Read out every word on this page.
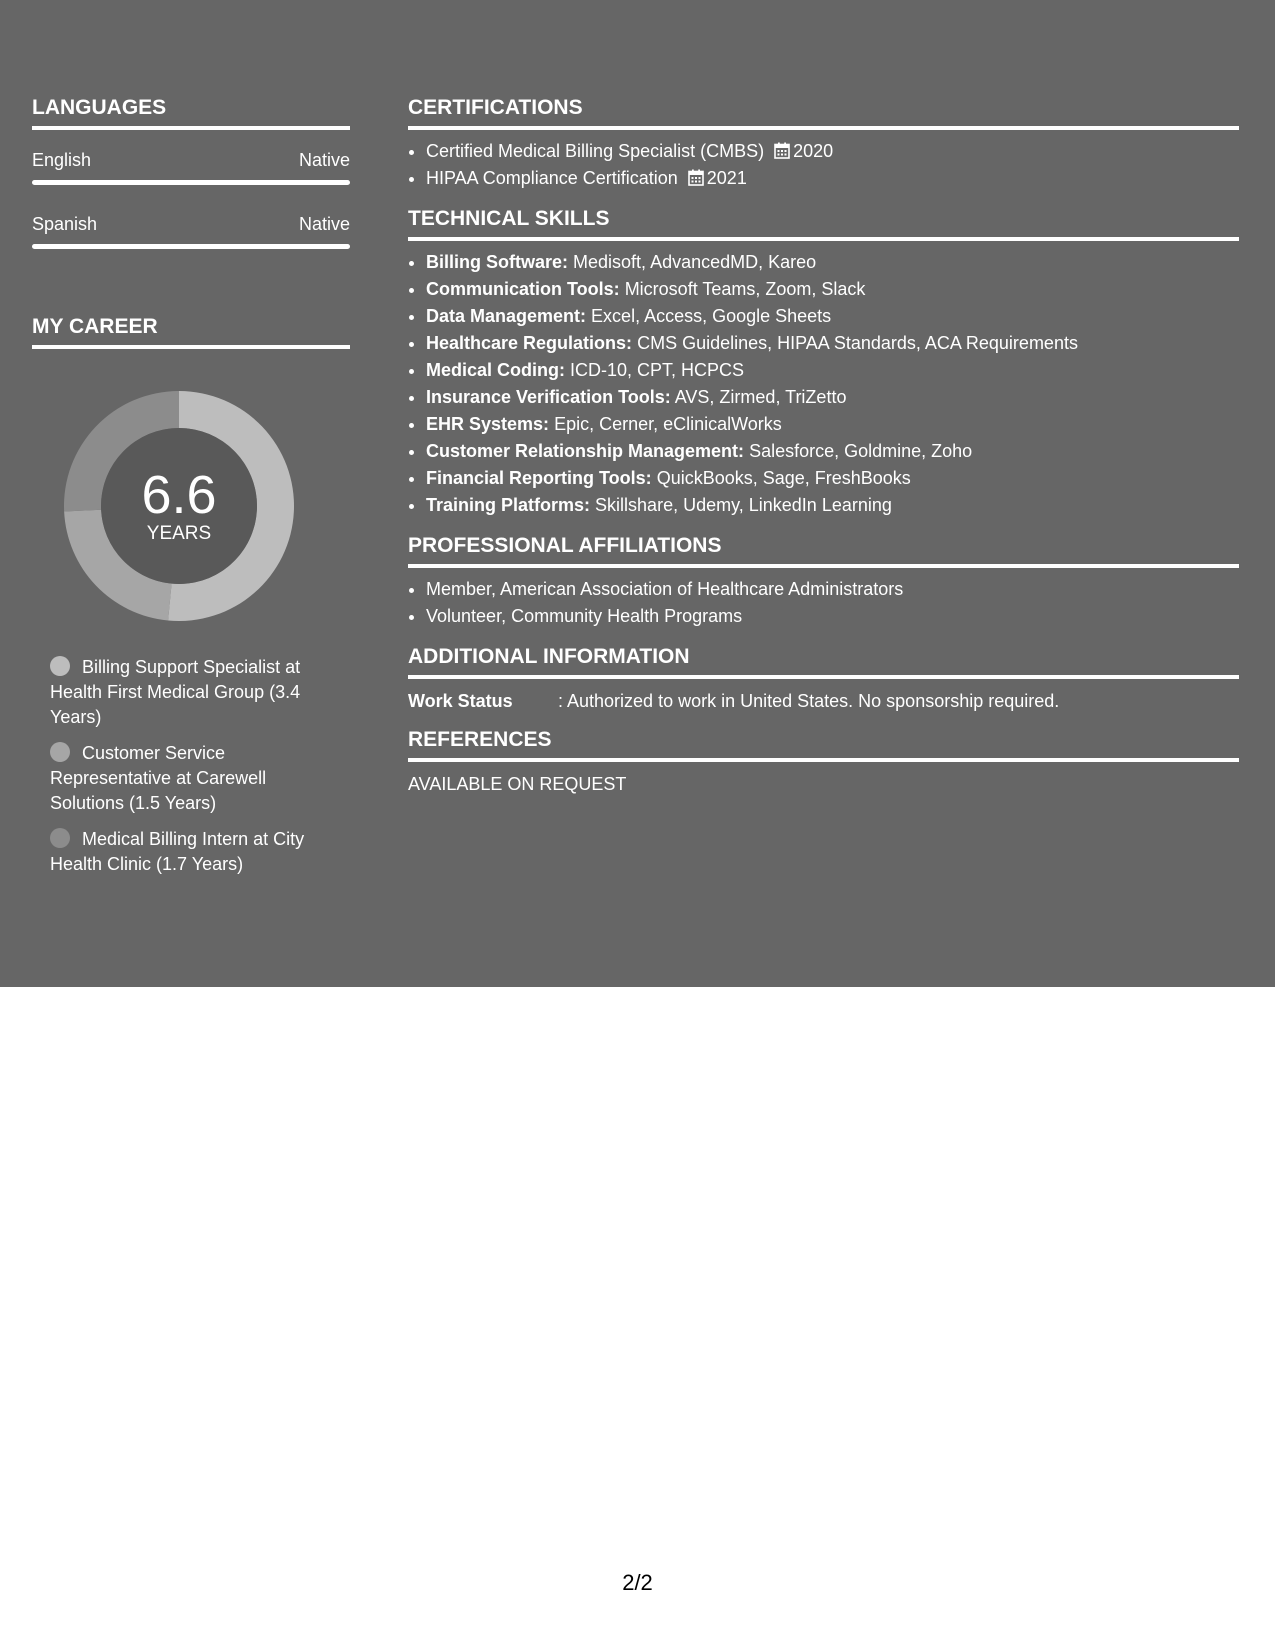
LANGUAGES
English	Native
Spanish	Native
MY CAREER
6.6
YEARS
Billing Support Specialist at Health First Medical Group (3.4 Years)
Customer Service Representative at Carewell Solutions (1.5 Years)
Medical Billing Intern at City Health Clinic (1.7 Years)
CERTIFICATIONS
• Certified Medical Billing Specialist (CMBS) 2020
• HIPAA Compliance Certification 2021
TECHNICAL SKILLS
• Billing Software: Medisoft, AdvancedMD, Kareo
• Communication Tools: Microsoft Teams, Zoom, Slack
• Data Management: Excel, Access, Google Sheets
• Healthcare Regulations: CMS Guidelines, HIPAA Standards, ACA Requirements
• Medical Coding: ICD-10, CPT, HCPCS
• Insurance Verification Tools: AVS, Zirmed, TriZetto
• EHR Systems: Epic, Cerner, eClinicalWorks
• Customer Relationship Management: Salesforce, Goldmine, Zoho
• Financial Reporting Tools: QuickBooks, Sage, FreshBooks
• Training Platforms: Skillshare, Udemy, LinkedIn Learning
PROFESSIONAL AFFILIATIONS
• Member, American Association of Healthcare Administrators
• Volunteer, Community Health Programs
ADDITIONAL INFORMATION
Work Status	: Authorized to work in United States. No sponsorship required.
REFERENCES
AVAILABLE ON REQUEST
2/2
